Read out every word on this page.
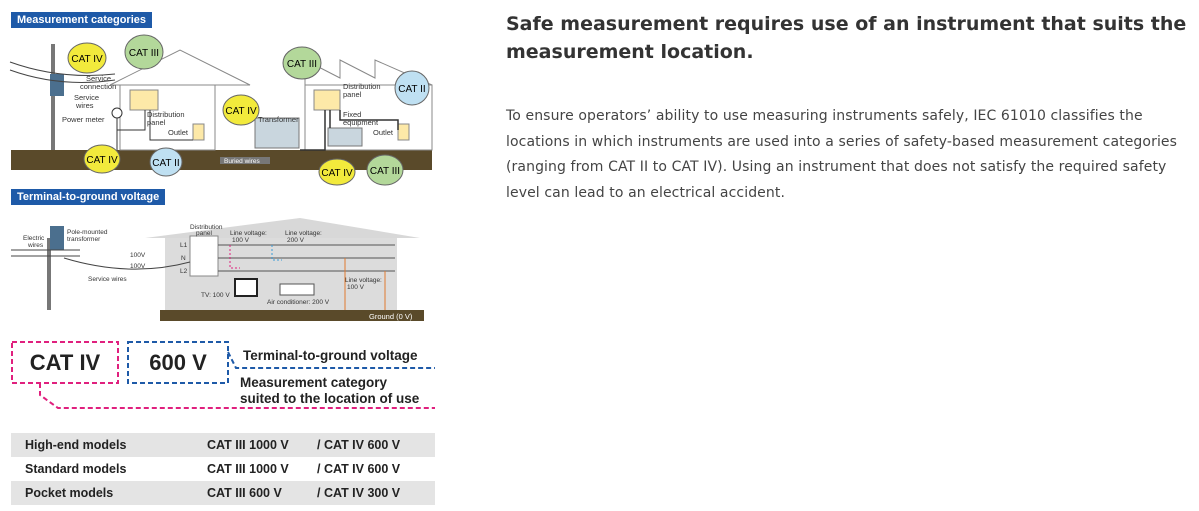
Measurement categories
Terminal-to-ground voltage
CAT IV
CAT III
CAT III
CAT II
CAT IV
CAT IV	CAT II
CAT IV CAT III
Service
connection
Service
wires
Power meter
Distribution
panel
Outlet
Transformer
Buried wires
Distribution
panel
Fixed
equipment
Outlet
Electric
wires
Pole-mounted
transformer
100V
100V
Service wires
Distribution
panel
L1
N
L2
Line voltage:
100 V
Line voltage:
200 V
Line voltage:
100 V
TV: 100 V
Air conditioner: 200 V
Ground (0 V)
CAT IV 600 V	Terminal-to-ground voltage
Measurement category
suited to the location of use
High-end models	CAT III 1000 V	/ CAT IV 600 V
Standard models	CAT III 1000 V	/ CAT IV 600 V
Pocket models	CAT III 600 V	/ CAT IV 300 V
Safe measurement requires use of an instrument that suits the measurement location.

To ensure operators’ ability to use measuring instruments safely, IEC 61010 classifies the locations in which instruments are used into a series of safety-based measurement categories (ranging from CAT II to CAT IV). Using an instrument that does not satisfy the required safety level can lead to an electrical accident.
